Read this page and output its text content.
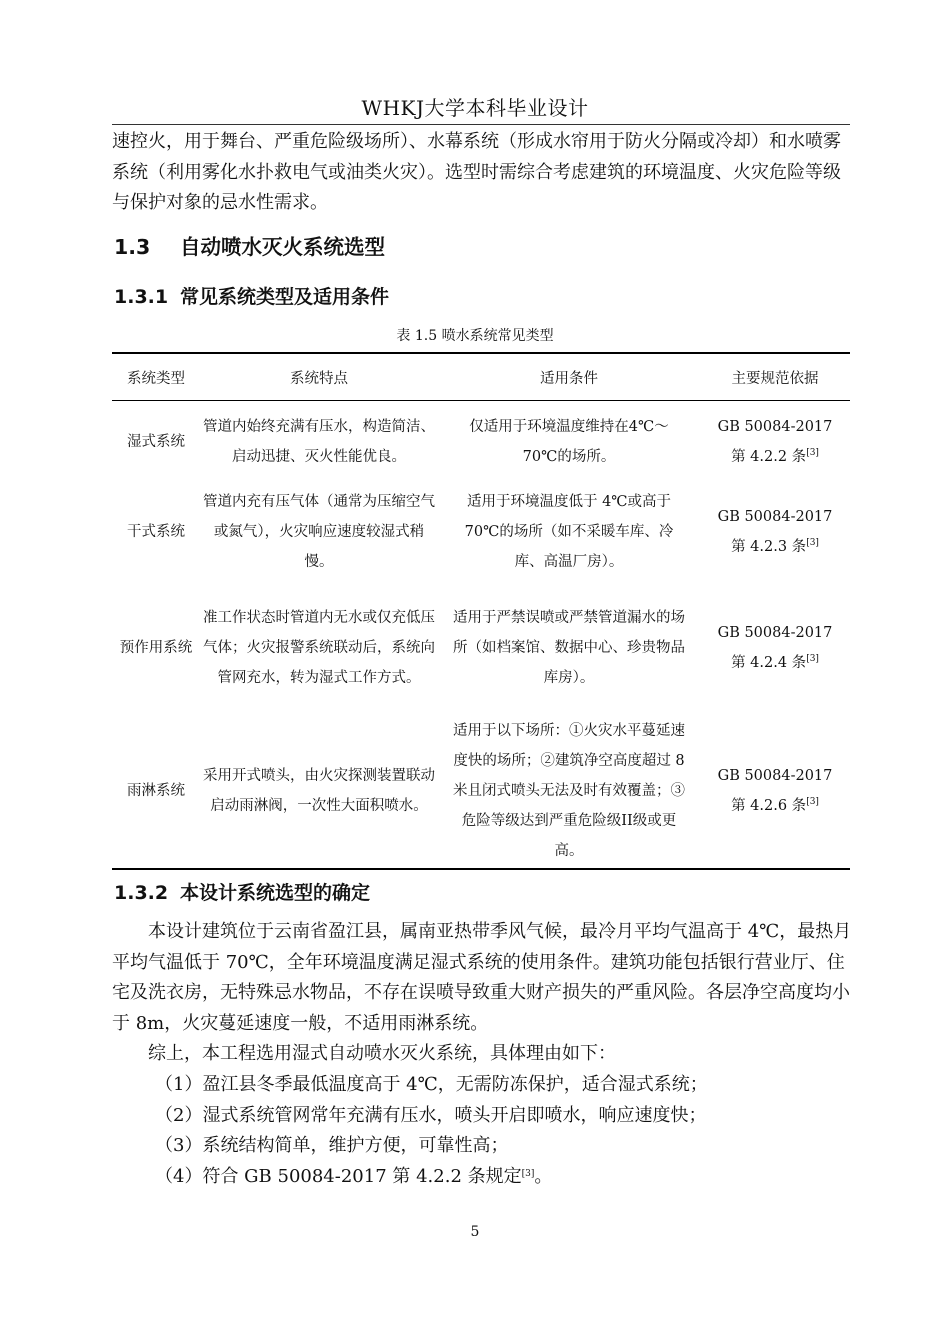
WHKJ大学本科毕业设计
速控火，用于舞台、严重危险级场所）、水幕系统（形成水帘用于防火分隔或冷却）和水喷雾系统（利用雾化水扑救电气或油类火灾）。选型时需综合考虑建筑的环境温度、火灾危险等级与保护对象的忌水性需求。
1.3 自动喷水灭火系统选型
1.3.1 常见系统类型及适用条件
表 1.5 喷水系统常见类型
系统类型	系统特点	适用条件	主要规范依据
湿式系统	管道内始终充满有压水，构造简洁、启动迅捷、灭火性能优良。	仅适用于环境温度维持在4℃～70℃的场所。	GB 50084-2017
第 4.2.2 条[3]

干式系统	管道内充有压气体（通常为压缩空气或氮气），火灾响应速度较湿式稍慢。	适用于环境温度低于 4℃或高于 70℃的场所（如不采暖车库、冷库、高温厂房）。	GB 50084-2017
第 4.2.3 条[3]

预作用系统	准工作状态时管道内无水或仅充低压气体；火灾报警系统联动后，系统向管网充水，转为湿式工作方式。	适用于严禁误喷或严禁管道漏水的场所（如档案馆、数据中心、珍贵物品库房）。	GB 50084-2017
第 4.2.4 条[3]

雨淋系统	采用开式喷头，由火灾探测装置联动启动雨淋阀，一次性大面积喷水。	适用于以下场所：①火灾水平蔓延速度快的场所；②建筑净空高度超过 8 米且闭式喷头无法及时有效覆盖；③危险等级达到严重危险级II级或更高。	GB 50084-2017
第 4.2.6 条[3]
1.3.2 本设计系统选型的确定
本设计建筑位于云南省盈江县，属南亚热带季风气候，最冷月平均气温高于 4℃，最热月平均气温低于 70℃，全年环境温度满足湿式系统的使用条件。建筑功能包括银行营业厅、住宅及洗衣房，无特殊忌水物品，不存在误喷导致重大财产损失的严重风险。各层净空高度均小于 8m，火灾蔓延速度一般，不适用雨淋系统。
综上，本工程选用湿式自动喷水灭火系统，具体理由如下：
（1）盈江县冬季最低温度高于 4℃，无需防冻保护，适合湿式系统；
（2）湿式系统管网常年充满有压水，喷头开启即喷水，响应速度快；
（3）系统结构简单，维护方便，可靠性高；
（4）符合 GB 50084-2017 第 4.2.2 条规定[3]。
5
